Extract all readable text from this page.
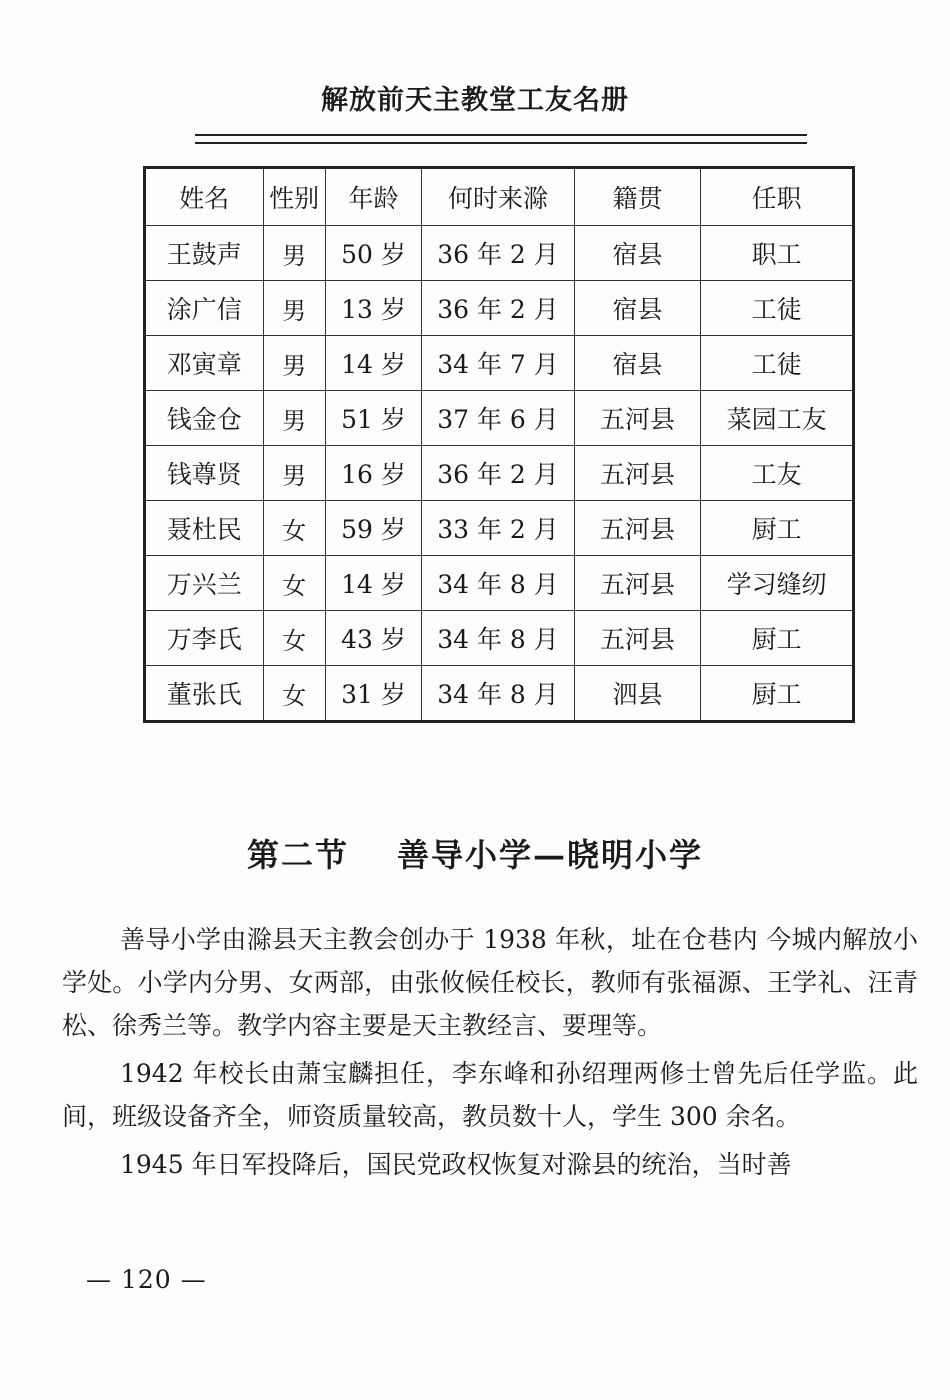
解放前天主教堂工友名册
姓名	性别	年龄	何时来滁	籍贯	任职
王鼓声	男	50 岁	36 年 2 月	宿县	职工
涂广信	男	13 岁	36 年 2 月	宿县	工徒
邓寅章	男	14 岁	34 年 7 月	宿县	工徒
钱金仓	男	51 岁	37 年 6 月	五河县	菜园工友
钱尊贤	男	16 岁	36 年 2 月	五河县	工友
聂杜民	女	59 岁	33 年 2 月	五河县	厨工
万兴兰	女	14 岁	34 年 8 月	五河县	学习缝纫
万李氏	女	43 岁	34 年 8 月	五河县	厨工
董张氏	女	31 岁	34 年 8 月	泗县	厨工
第二节 善导小学—晓明小学

善导小学由滁县天主教会创办于 1938 年秋，址在仓巷内 今城内解放小学处。小学内分男、女两部，由张攸候任校长，教师有张福源、王学礼、汪青松、徐秀兰等。教学内容主要是天主教经言、要理等。

1942 年校长由萧宝麟担任，李东峰和孙绍理两修士曾先后任学监。此间，班级设备齐全，师资质量较高，教员数十人，学生 300 余名。

1945 年日军投降后，国民党政权恢复对滁县的统治，当时善

— 120 —
